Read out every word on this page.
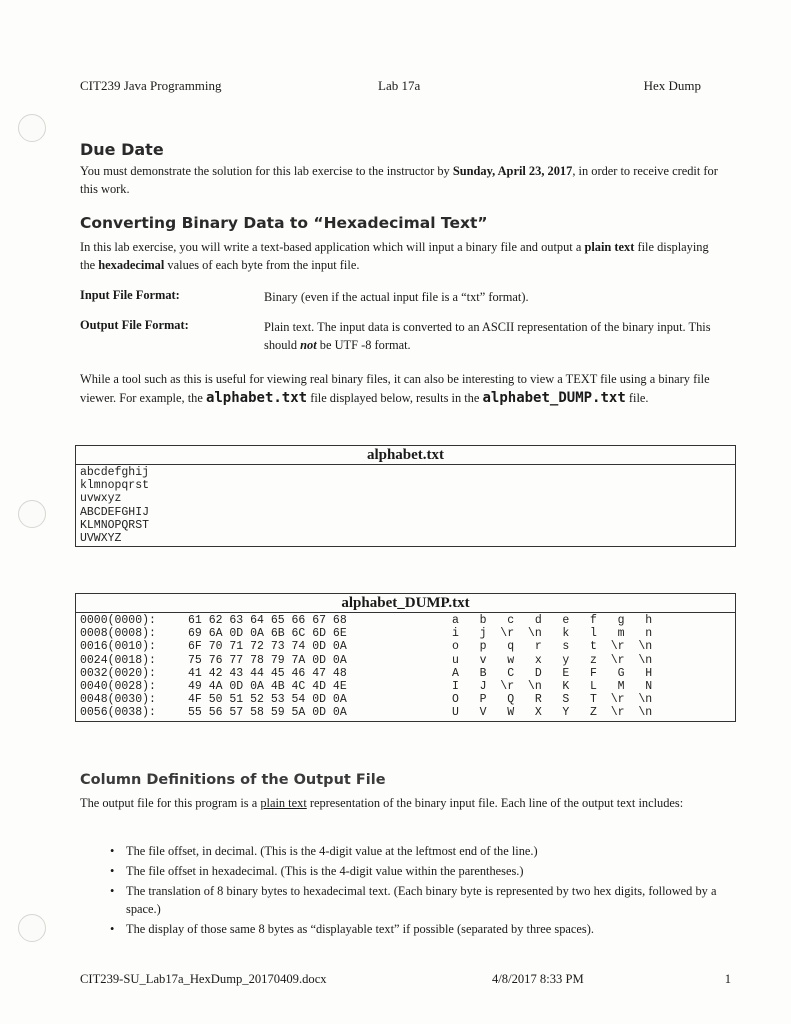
CIT239 Java Programming	Lab 17a	Hex Dump
Due Date
You must demonstrate the solution for this lab exercise to the instructor by Sunday, April 23, 2017, in order to receive credit for this work.
Converting Binary Data to “Hexadecimal Text”
In this lab exercise, you will write a text-based application which will input a binary file and output a plain text file displaying the hexadecimal values of each byte from the input file.
Input File Format:	Binary (even if the actual input file is a “txt” format).
Output File Format:	Plain text. The input data is converted to an ASCII representation of the binary input. This should not be UTF -8 format.
While a tool such as this is useful for viewing real binary files, it can also be interesting to view a TEXT file using a binary file viewer. For example, the alphabet.txt file displayed below, results in the alphabet_DUMP.txt file.
alphabet.txt
abcdefghij
klmnopqrst
uvwxyz
ABCDEFGHIJ
KLMNOPQRST
UVWXYZ
alphabet_DUMP.txt
0000(0000):	61 62 63 64 65 66 67 68	a   b   c   d   e   f   g   h
0008(0008):	69 6A 0D 0A 6B 6C 6D 6E	i   j  \r  \n   k   l   m   n
0016(0010):	6F 70 71 72 73 74 0D 0A	o   p   q   r   s   t  \r  \n
0024(0018):	75 76 77 78 79 7A 0D 0A	u   v   w   x   y   z  \r  \n
0032(0020):	41 42 43 44 45 46 47 48	A   B   C   D   E   F   G   H
0040(0028):	49 4A 0D 0A 4B 4C 4D 4E	I   J  \r  \n   K   L   M   N
0048(0030):	4F 50 51 52 53 54 0D 0A	O   P   Q   R   S   T  \r  \n
0056(0038):	55 56 57 58 59 5A 0D 0A	U   V   W   X   Y   Z  \r  \n
Column Definitions of the Output File
The output file for this program is a plain text representation of the binary input file. Each line of the output text includes:
• The file offset, in decimal. (This is the 4-digit value at the leftmost end of the line.)
• The file offset in hexadecimal. (This is the 4-digit value within the parentheses.)
• The translation of 8 binary bytes to hexadecimal text. (Each binary byte is represented by two hex digits, followed by a space.)
• The display of those same 8 bytes as “displayable text” if possible (separated by three spaces).
CIT239-SU_Lab17a_HexDump_20170409.docx	4/8/2017 8:33 PM	1
